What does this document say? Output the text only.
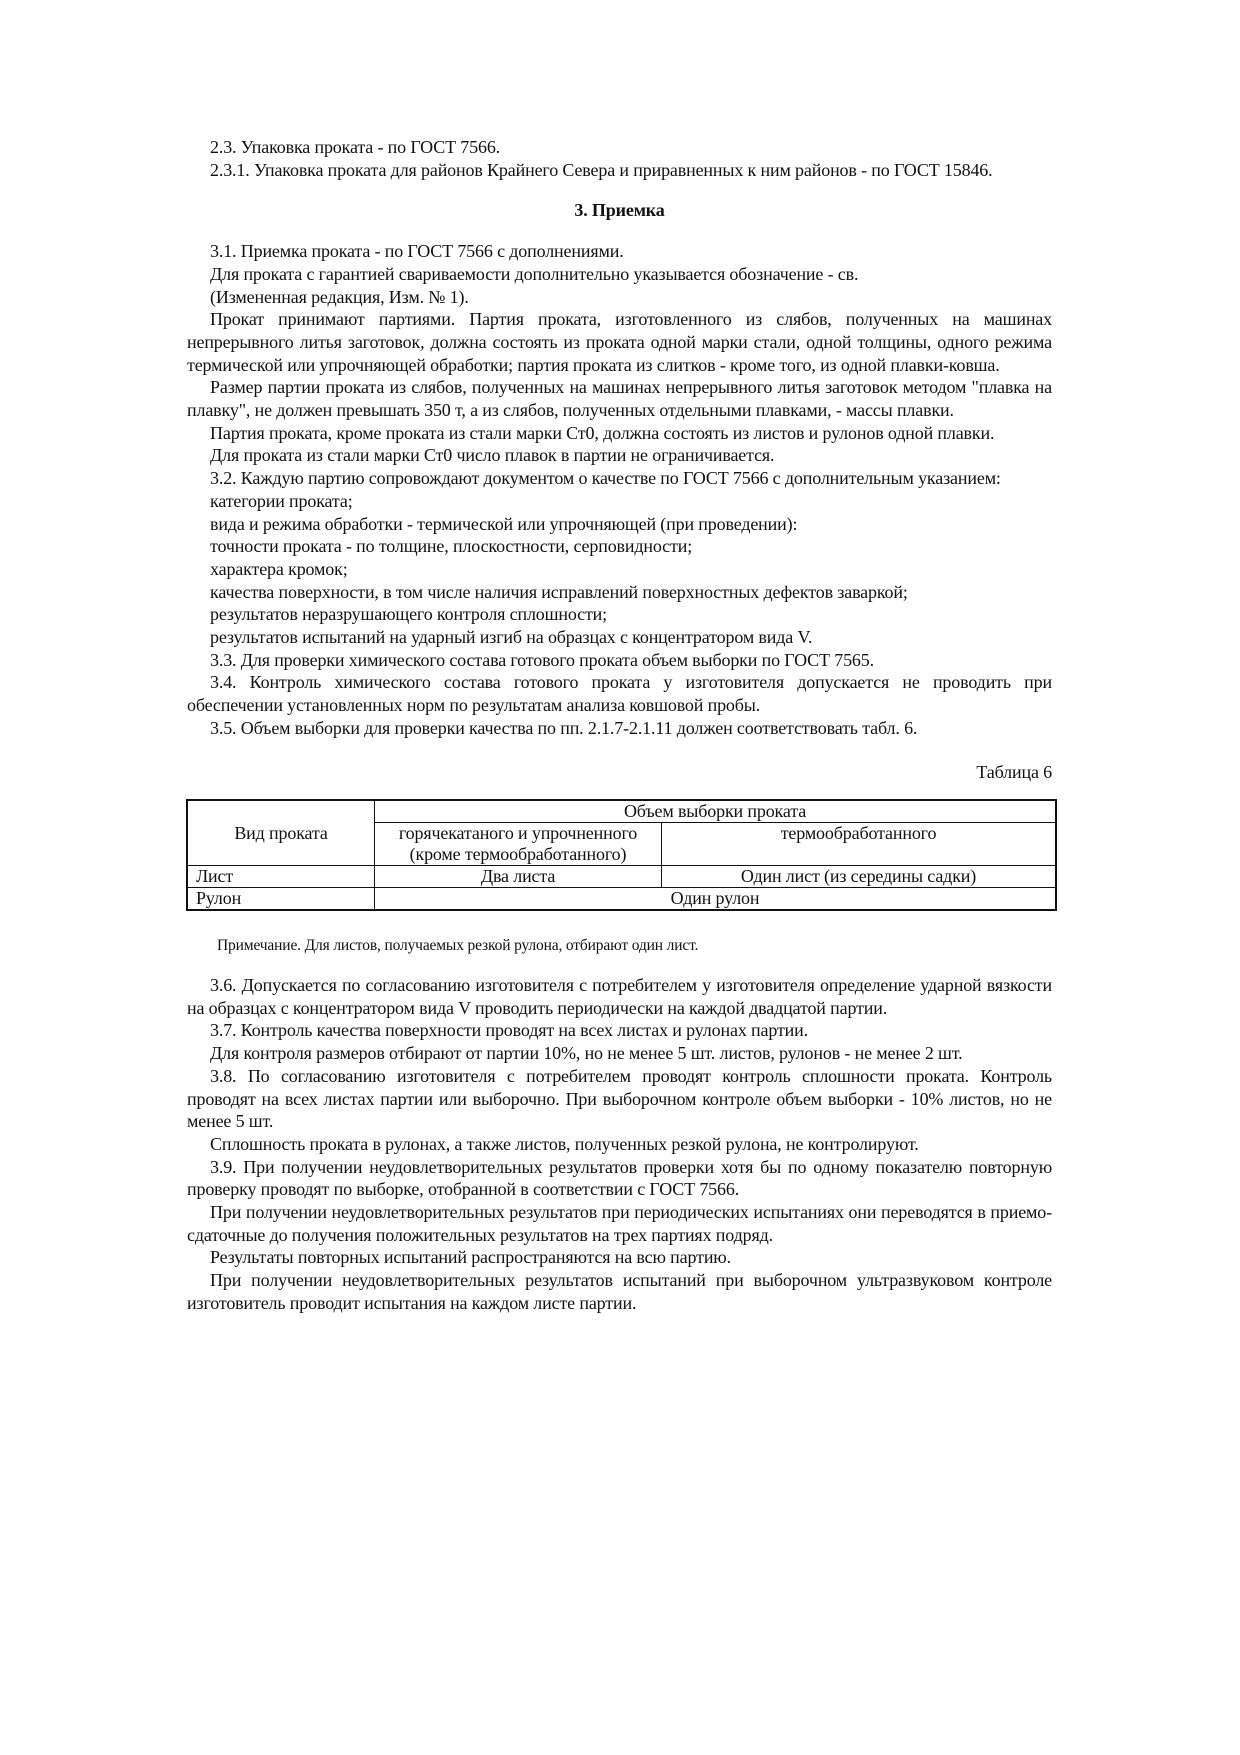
2.3. Упаковка проката - по ГОСТ 7566.

2.3.1. Упаковка проката для районов Крайнего Севера и приравненных к ним районов - по ГОСТ 15846.

3. Приемка

3.1. Приемка проката - по ГОСТ 7566 с дополнениями.

Для проката с гарантией свариваемости дополнительно указывается обозначение - св.

(Измененная редакция, Изм. № 1).

Прокат принимают партиями. Партия проката, изготовленного из слябов, полученных на машинах непрерывного литья заготовок, должна состоять из проката одной марки стали, одной толщины, одного режима термической или упрочняющей обработки; партия проката из слитков - кроме того, из одной плавки-ковша.

Размер партии проката из слябов, полученных на машинах непрерывного литья заготовок методом "плавка на плавку", не должен превышать 350 т, а из слябов, полученных отдельными плавками, - массы плавки.

Партия проката, кроме проката из стали марки Ст0, должна состоять из листов и рулонов одной плавки.

Для проката из стали марки Ст0 число плавок в партии не ограничивается.

3.2. Каждую партию сопровождают документом о качестве по ГОСТ 7566 с дополнительным указанием:

категории проката;

вида и режима обработки - термической или упрочняющей (при проведении):

точности проката - по толщине, плоскостности, серповидности;

характера кромок;

качества поверхности, в том числе наличия исправлений поверхностных дефектов заваркой;

результатов неразрушающего контроля сплошности;

результатов испытаний на ударный изгиб на образцах с концентратором вида V.

3.3. Для проверки химического состава готового проката объем выборки по ГОСТ 7565.

3.4. Контроль химического состава готового проката у изготовителя допускается не проводить при обеспечении установленных норм по результатам анализа ковшовой пробы.

3.5. Объем выборки для проверки качества по пп. 2.1.7-2.1.11 должен соответствовать табл. 6.

Таблица 6

Вид проката	Объем выборки проката	
	горячекатаного и упрочненного (кроме термообработанного)	термообработанного
Лист	Два листа	Один лист (из середины садки)
Рулон	Один рулон	

Примечание. Для листов, получаемых резкой рулона, отбирают один лист.

3.6. Допускается по согласованию изготовителя с потребителем у изготовителя определение ударной вязкости на образцах с концентратором вида V проводить периодически на каждой двадцатой партии.

3.7. Контроль качества поверхности проводят на всех листах и рулонах партии.

Для контроля размеров отбирают от партии 10%, но не менее 5 шт. листов, рулонов - не менее 2 шт.

3.8. По согласованию изготовителя с потребителем проводят контроль сплошности проката. Контроль проводят на всех листах партии или выборочно. При выборочном контроле объем выборки - 10% листов, но не менее 5 шт.

Сплошность проката в рулонах, а также листов, полученных резкой рулона, не контролируют.

3.9. При получении неудовлетворительных результатов проверки хотя бы по одному показателю повторную проверку проводят по выборке, отобранной в соответствии с ГОСТ 7566.

При получении неудовлетворительных результатов при периодических испытаниях они переводятся в приемо-сдаточные до получения положительных результатов на трех партиях подряд.

Результаты повторных испытаний распространяются на всю партию.

При получении неудовлетворительных результатов испытаний при выборочном ультразвуковом контроле изготовитель проводит испытания на каждом листе партии.
